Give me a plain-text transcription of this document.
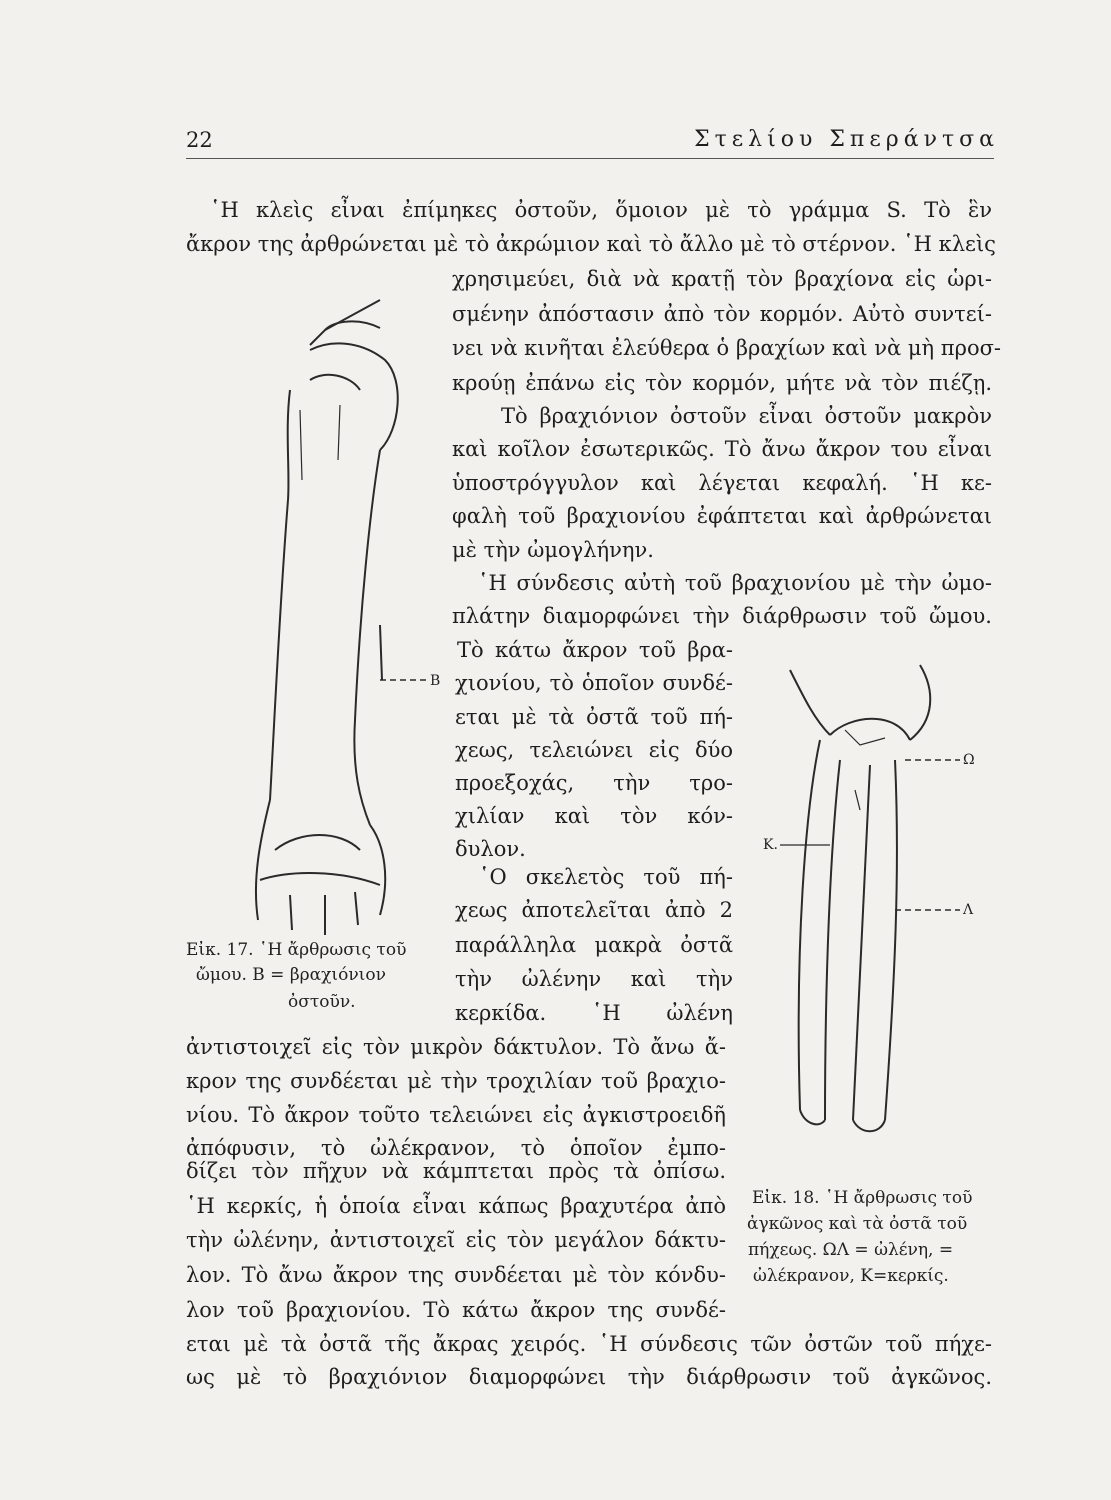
22	Στελίου Σπεράντσα
῾Η κλεὶς εἶναι ἐπίμηκες ὀστοῦν, ὅμοιον μὲ τὸ γράμμα S. Τὸ ἓν
ἄκρον της ἀρθρώνεται μὲ τὸ ἀκρώμιον καὶ τὸ ἄλλο μὲ τὸ στέρνον. ῾Η κλεὶς
χρησιμεύει, διὰ νὰ κρατῇ τὸν βραχίονα εἰς ὡρι-
σμένην ἀπόστασιν ἀπὸ τὸν κορμόν. Αὐτὸ συντεί-
νει νὰ κινῆται ἐλεύθερα ὁ βραχίων καὶ νὰ μὴ προσ-
κρούῃ ἐπάνω εἰς τὸν κορμόν, μήτε νὰ τὸν πιέζῃ.
Τὸ βραχιόνιον ὀστοῦν εἶναι ὀστοῦν μακρὸν
καὶ κοῖλον ἐσωτερικῶς. Τὸ ἄνω ἄκρον του εἶναι
ὑποστρόγγυλον καὶ λέγεται κεφαλή. ῾Η κε-
φαλὴ τοῦ βραχιονίου ἐφάπτεται καὶ ἀρθρώνεται
μὲ τὴν ὠμογλήνην.
῾Η σύνδεσις αὐτὴ τοῦ βραχιονίου μὲ τὴν ὠμο-
πλάτην διαμορφώνει τὴν διάρθρωσιν τοῦ ὤμου.
Τὸ κάτω ἄκρον τοῦ βρα-
χιονίου, τὸ ὁποῖον συνδέ-
εται μὲ τὰ ὀστᾶ τοῦ πή-
χεως, τελειώνει εἰς δύο
προεξοχάς, τὴν τρο-
χιλίαν καὶ τὸν κόν-
δυλον.
῾Ο σκελετὸς τοῦ πή-
χεως ἀποτελεῖται ἀπὸ 2
παράλληλα μακρὰ ὀστᾶ
τὴν ὠλένην καὶ τὴν
κερκίδα. ῾Η ὠλένη
ἀντιστοιχεῖ εἰς τὸν μικρὸν δάκτυλον. Τὸ ἄνω ἄ-
κρον της συνδέεται μὲ τὴν τροχιλίαν τοῦ βραχιο-
νίου. Τὸ ἄκρον τοῦτο τελειώνει εἰς ἀγκιστροειδῆ
ἀπόφυσιν, τὸ ὠλέκρανον, τὸ ὁποῖον ἐμπο-
δίζει τὸν πῆχυν νὰ κάμπτεται πρὸς τὰ ὀπίσω.
῾Η κερκίς, ἡ ὁποία εἶναι κάπως βραχυτέρα ἀπὸ
τὴν ὠλένην, ἀντιστοιχεῖ εἰς τὸν μεγάλον δάκτυ-
λον. Τὸ ἄνω ἄκρον της συνδέεται μὲ τὸν κόνδυ-
λον τοῦ βραχιονίου. Τὸ κάτω ἄκρον της συνδέ-
εται μὲ τὰ ὀστᾶ τῆς ἄκρας χειρός. ῾Η σύνδεσις τῶν ὀστῶν τοῦ πήχε-
ως μὲ τὸ βραχιόνιον διαμορφώνει τὴν διάρθρωσιν τοῦ ἀγκῶνος.
Β
Εἰκ. 17. ῾Η ἄρθρωσις τοῦ
ὤμου. Β = βραχιόνιον
ὀστοῦν.
Ω
Κ.
Λ
Εἰκ. 18. ῾Η ἄρθρωσις τοῦ
ἀγκῶνος καὶ τὰ ὀστᾶ τοῦ
πήχεως. ΩΛ = ὠλένη, =
ὠλέκρανον, Κ=κερκίς.
